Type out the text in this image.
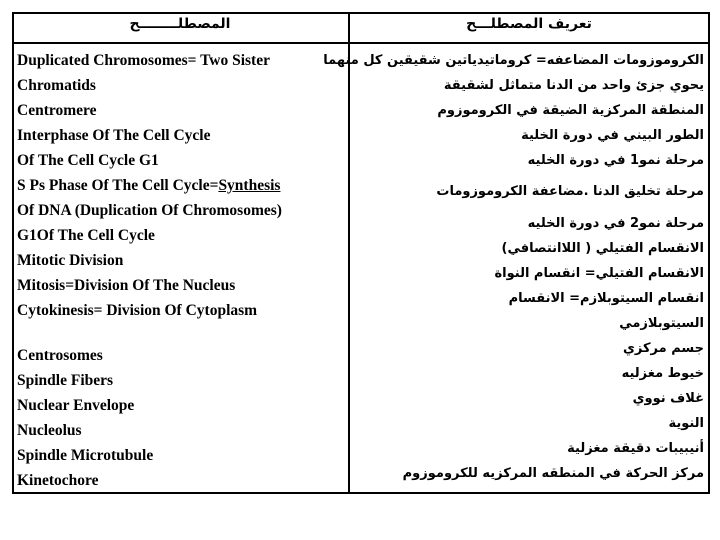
المصطلــــــــح	تعريف المصطلـــح
Duplicated Chromosomes= Two Sister
Chromatids
Centromere
Interphase Of The Cell Cycle
Of The Cell Cycle G1
S Ps Phase Of The Cell Cycle=Synthesis
Of DNA (Duplication Of Chromosomes)
G1Of The Cell Cycle
Mitotic Division
Mitosis=Division Of The Nucleus
Cytokinesis= Division Of Cytoplasm
Centrosomes
Spindle Fibers
Nuclear Envelope
Nucleolus
Spindle Microtubule
Kinetochore
الكروموزومات المضاعفه= كروماتيدياتين شقيقين كل منهما
يحوي جزئ واحد من الدنا متماثل لشقيقة
المنطقة المركزية الضيقة في الكروموزوم
الطور البيني في دورة الخلية
مرحلة نمو1 في دورة الخليه
مرحلة تخليق الدنا .مضاعفة الكروموزومات
مرحلة نمو2 في دورة الخليه
الانقسام الفتيلي ( اللاانتصافي)
الانقسام الفتيلي= انقسام النواة
انقسام السيتوبلازم= الانقسام
السيتوبلازمي
جسم مركزي
خيوط مغزليه
غلاف نووي
النوية
أنيبيبات دقيقة مغزلية
مركز الحركة في المنطقه المركزيه للكروموزوم
